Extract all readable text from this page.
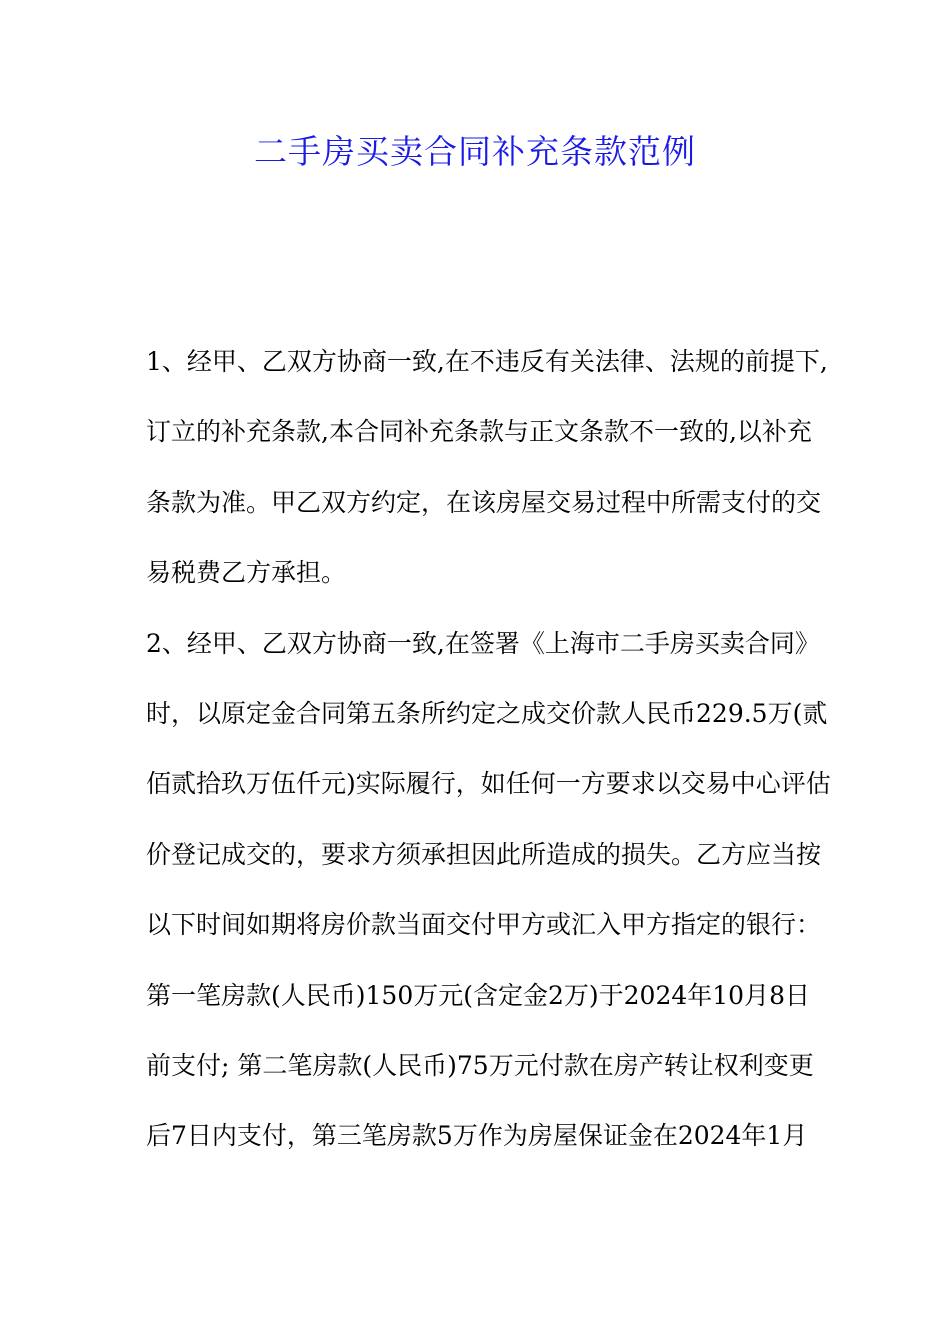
二手房买卖合同补充条款范例
1、经甲、乙双方协商一致,在不违反有关法律、法规的前提下,
订立的补充条款,本合同补充条款与正文条款不一致的,以补充
条款为准。甲乙双方约定，在该房屋交易过程中所需支付的交
易税费乙方承担。
2、经甲、乙双方协商一致,在签署《上海市二手房买卖合同》
时，以原定金合同第五条所约定之成交价款人民币229.5万(贰
佰贰拾玖万伍仟元)实际履行，如任何一方要求以交易中心评估
价登记成交的，要求方须承担因此所造成的损失。乙方应当按
以下时间如期将房价款当面交付甲方或汇入甲方指定的银行：
第一笔房款(人民币)150万元(含定金2万)于2024年10月8日
前支付; 第二笔房款(人民币)75万元付款在房产转让权利变更
后7日内支付，第三笔房款5万作为房屋保证金在2024年1月
